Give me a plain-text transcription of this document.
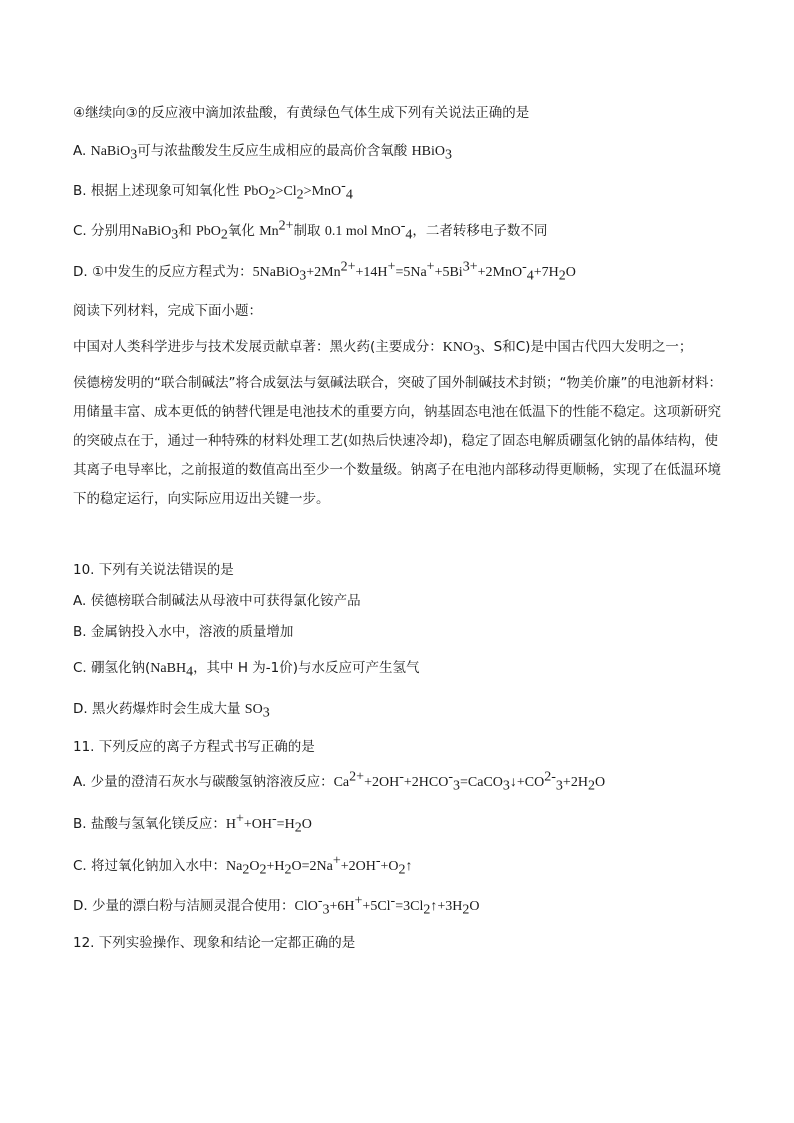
④继续向③的反应液中滴加浓盐酸，有黄绿色气体生成下列有关说法正确的是
A. NaBiO$_3$可与浓盐酸发生反应生成相应的最高价含氧酸 HBiO$_3$
B. 根据上述现象可知氧化性 $PbO_2>Cl_2>MnO^-_4$
C. 分别用NaBiO$_3$和 PbO$_2$氧化 $Mn^{2+}$制取 0.1 mol MnO-$_4$，二者转移电子数不同
D. ①中发生的反应方程式为：$5NaBiO_3+2Mn^{2+}+14H^+=5Na^++5Bi^{3+}+2MnO^-_4+7H_2O$
阅读下列材料，完成下面小题：
中国对人类科学进步与技术发展贡献卓著：黑火药(主要成分：$KNO_3$、S和C)是中国古代四大发明之一；
侯德榜发明的“联合制碱法”将合成氨法与氨碱法联合，突破了国外制碱技术封锁；“物美价廉”的电池新材料：用储量丰富、成本更低的钠替代锂是电池技术的重要方向，钠基固态电池在低温下的性能不稳定。这项新研究的突破点在于，通过一种特殊的材料处理工艺(如热后快速冷却)，稳定了固态电解质硼氢化钠的晶体结构，使其离子电导率比，之前报道的数值高出至少一个数量级。钠离子在电池内部移动得更顺畅，实现了在低温环境下的稳定运行，向实际应用迈出关键一步。
10. 下列有关说法错误的是
A. 侯德榜联合制碱法从母液中可获得氯化铵产品
B. 金属钠投入水中，溶液的质量增加
C. 硼氢化钠(NaBH$_4$，其中 H 为-1价)与水反应可产生氢气
D. 黑火药爆炸时会生成大量 $SO_3$
11. 下列反应的离子方程式书写正确的是
A. 少量的澄清石灰水与碳酸氢钠溶液反应：$Ca^{2+}+2OH^-+2HCO^-_3=CaCO_3↓+CO^{2-}_3+2H_2O$
B. 盐酸与氢氧化镁反应：$H^++OH^-=H_2O$
C. 将过氧化钠加入水中：$Na_2O_2+H_2O=2Na^++2OH^-+O_2↑$
D. 少量的漂白粉与洁厕灵混合使用：$ClO^-_3+6H^++5Cl^-=3Cl_2↑+3H_2O$
12. 下列实验操作、现象和结论一定都正确的是
